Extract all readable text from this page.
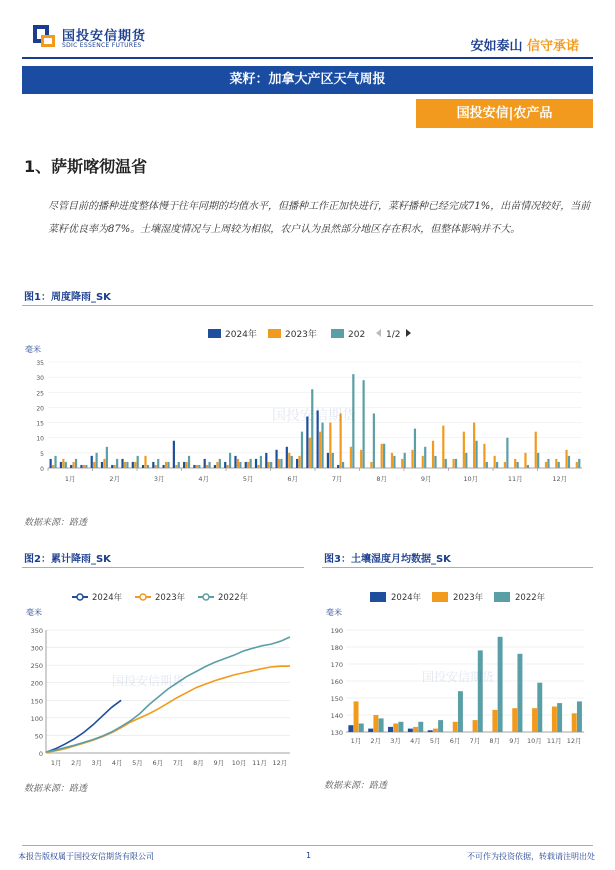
国投安信期货
SDIC ESSENCE FUTURES	安如泰山 信守承诺
菜籽：加拿大产区天气周报
国投安信|农产品
1、萨斯喀彻温省
尽管目前的播种进度整体慢于往年同期的均值水平，但播种工作正加快进行，菜籽播种已经完成71%，出苗情况较好，当前菜籽优良率为87%。土壤湿度情况与上周较为相似，农户认为虽然部分地区存在积水，但整体影响并不大。
图1：周度降雨_SK
2024年	2023年	202 1/2
毫米
0
5
10
15
20
25
30
35
1月	2月	3月	4月	5月	6月	7月	8月	9月	10月	11月	12月
国投安信期货
数据来源：路透
图2：累计降雨_SK
2024年	2023年	2022年
毫米
0
50
100
150
200
250
300
350
1月 2月 3月 4月 5月 6月 7月 8月 9月 10月 11月 12月
国投安信期货
数据来源：路透
图3：土壤湿度月均数据_SK
2024年	2023年	2022年
毫米
130
140
150
160
170
180
190
1月 2月 3月 4月 5月 6月 7月 8月 9月 10月 11月 12月
国投安信期货
数据来源：路透
本报告版权属于国投安信期货有限公司	1	不可作为投资依据，转载请注明出处
